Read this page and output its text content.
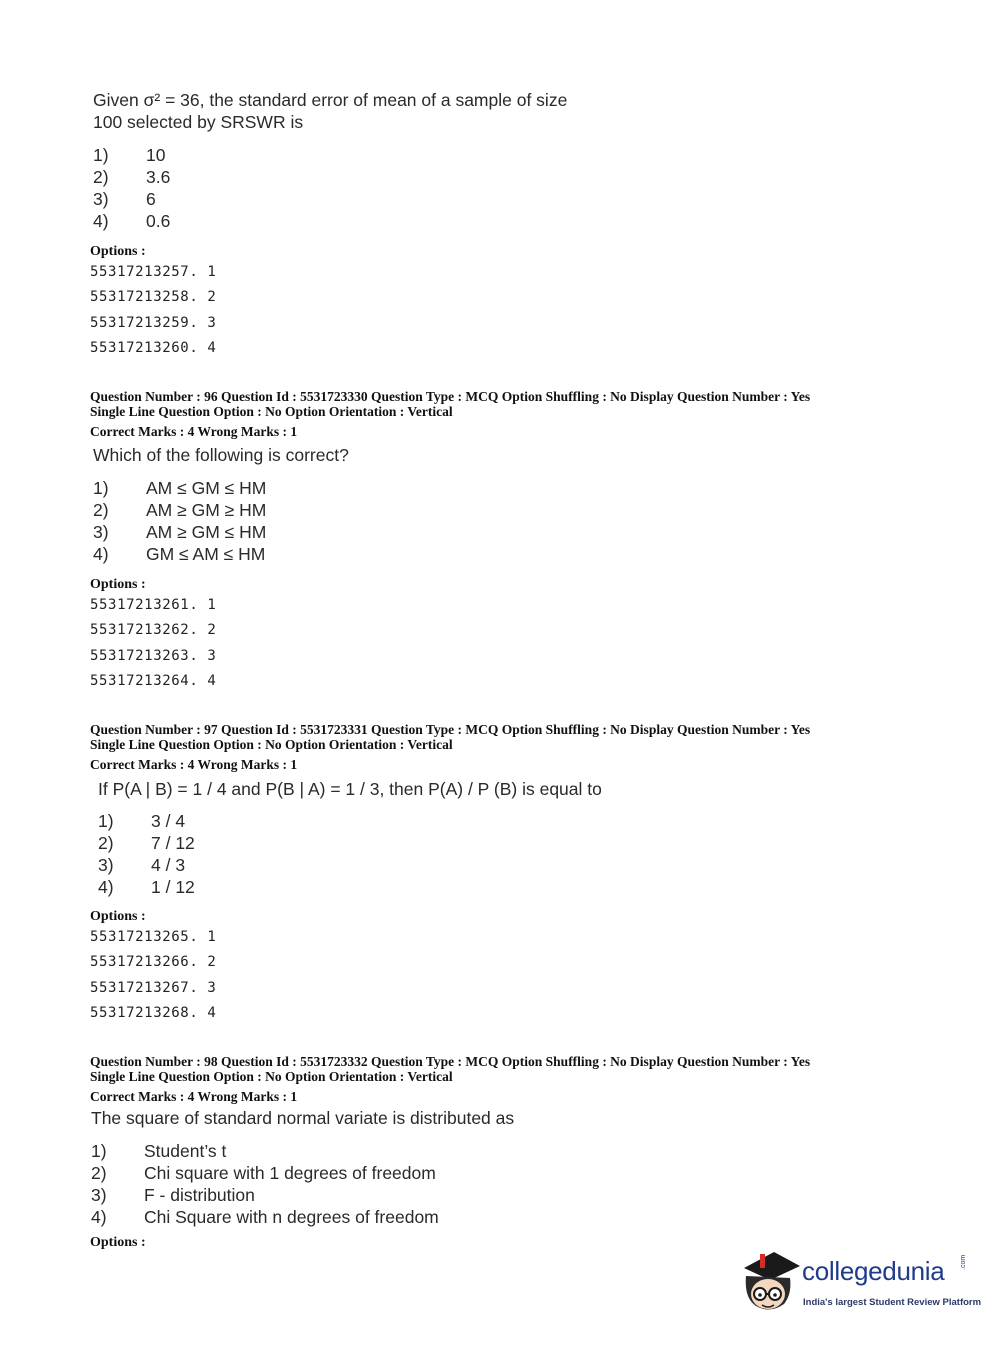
Given σ² = 36, the standard error of mean of a sample of size
100 selected by SRSWR is
1) 10
2) 3.6
3) 6
4) 0.6
Options :
55317213257. 1
55317213258. 2
55317213259. 3
55317213260. 4
Question Number : 96 Question Id : 5531723330 Question Type : MCQ Option Shuffling : No Display Question Number : Yes
Single Line Question Option : No Option Orientation : Vertical
Correct Marks : 4 Wrong Marks : 1
Which of the following is correct?
1) AM ≤ GM ≤ HM
2) AM ≥ GM ≥ HM
3) AM ≥ GM ≤ HM
4) GM ≤ AM ≤ HM
Options :
55317213261. 1
55317213262. 2
55317213263. 3
55317213264. 4
Question Number : 97 Question Id : 5531723331 Question Type : MCQ Option Shuffling : No Display Question Number : Yes
Single Line Question Option : No Option Orientation : Vertical
Correct Marks : 4 Wrong Marks : 1
If P(A | B) = 1 / 4 and P(B | A) = 1 / 3, then P(A) / P (B) is equal to
1) 3 / 4
2) 7 / 12
3) 4 / 3
4) 1 / 12
Options :
55317213265. 1
55317213266. 2
55317213267. 3
55317213268. 4
Question Number : 98 Question Id : 5531723332 Question Type : MCQ Option Shuffling : No Display Question Number : Yes
Single Line Question Option : No Option Orientation : Vertical
Correct Marks : 4 Wrong Marks : 1
The square of standard normal variate is distributed as
1) Student’s t
2) Chi square with 1 degrees of freedom
3) F - distribution
4) Chi Square with n degrees of freedom
Options :
collegedunia .com
India's largest Student Review Platform
